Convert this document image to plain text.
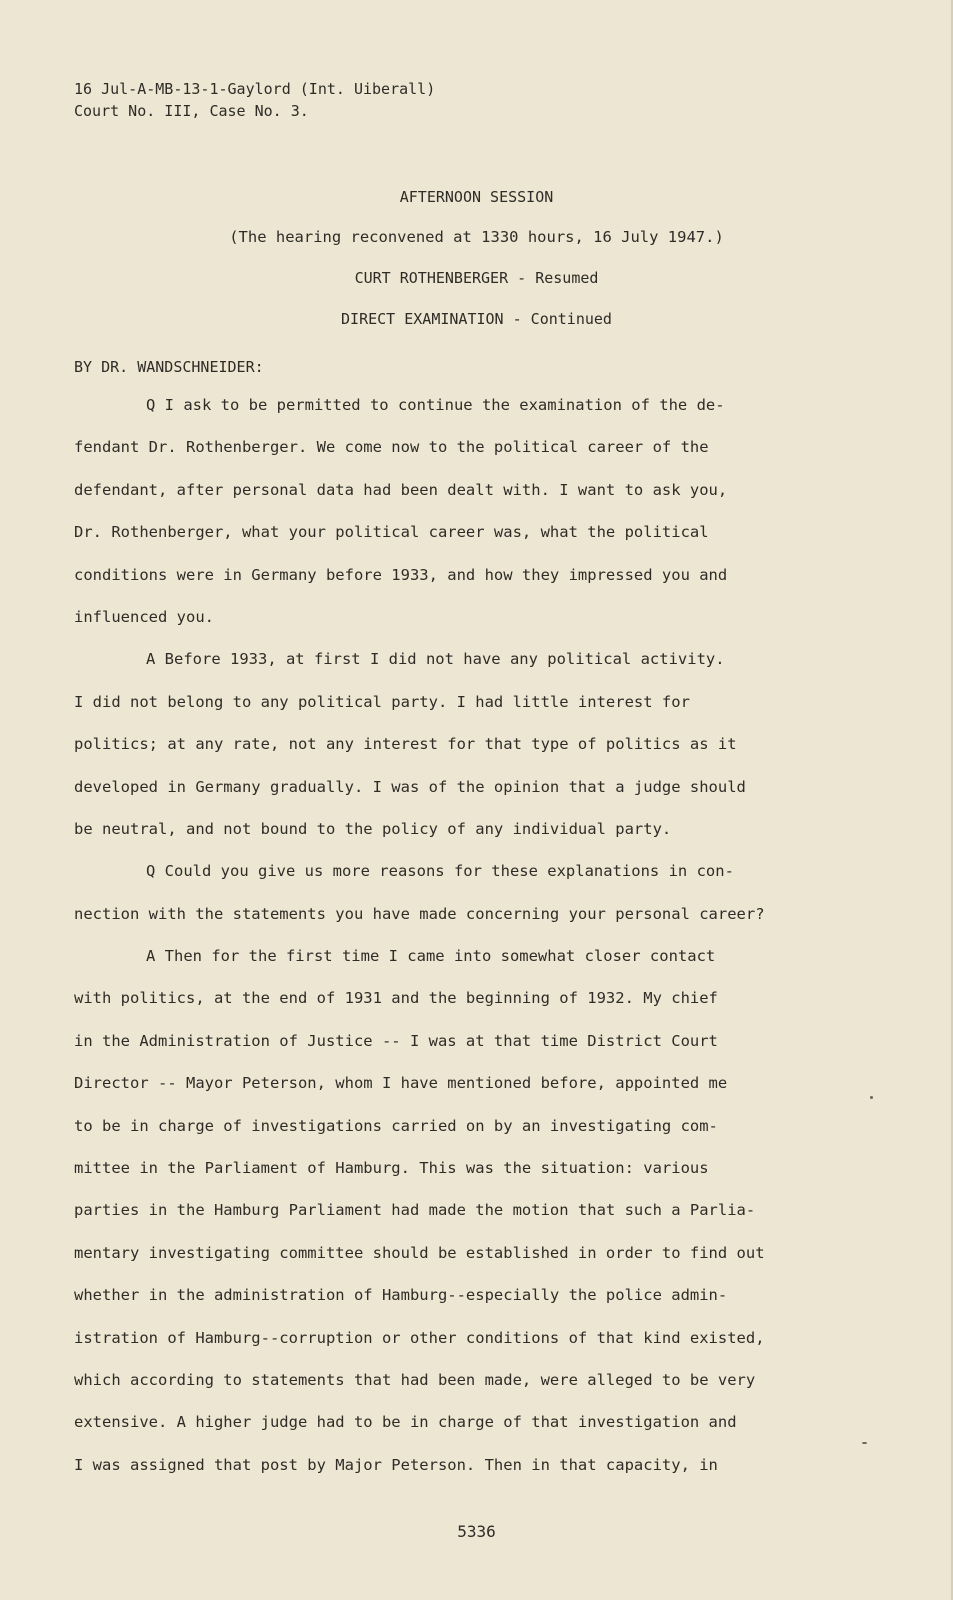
16 Jul-A-MB-13-1-Gaylord (Int. Uiberall)
Court No. III, Case No. 3.
AFTERNOON SESSION
(The hearing reconvened at 1330 hours, 16 July 1947.)
CURT ROTHENBERGER - Resumed
DIRECT EXAMINATION - Continued
BY DR. WANDSCHNEIDER:
Q I ask to be permitted to continue the examination of the de-
fendant Dr. Rothenberger. We come now to the political career of the
defendant, after personal data had been dealt with. I want to ask you,
Dr. Rothenberger, what your political career was, what the political
conditions were in Germany before 1933, and how they impressed you and
influenced you.
A Before 1933, at first I did not have any political activity.
I did not belong to any political party. I had little interest for
politics; at any rate, not any interest for that type of politics as it
developed in Germany gradually. I was of the opinion that a judge should
be neutral, and not bound to the policy of any individual party.
Q Could you give us more reasons for these explanations in con-
nection with the statements you have made concerning your personal career?
A Then for the first time I came into somewhat closer contact
with politics, at the end of 1931 and the beginning of 1932. My chief
in the Administration of Justice -- I was at that time District Court
Director -- Mayor Peterson, whom I have mentioned before, appointed me
to be in charge of investigations carried on by an investigating com-
mittee in the Parliament of Hamburg. This was the situation: various
parties in the Hamburg Parliament had made the motion that such a Parlia-
mentary investigating committee should be established in order to find out
whether in the administration of Hamburg--especially the police admin-
istration of Hamburg--corruption or other conditions of that kind existed,
which according to statements that had been made, were alleged to be very
extensive. A higher judge had to be in charge of that investigation and
I was assigned that post by Major Peterson. Then in that capacity, in
5336
